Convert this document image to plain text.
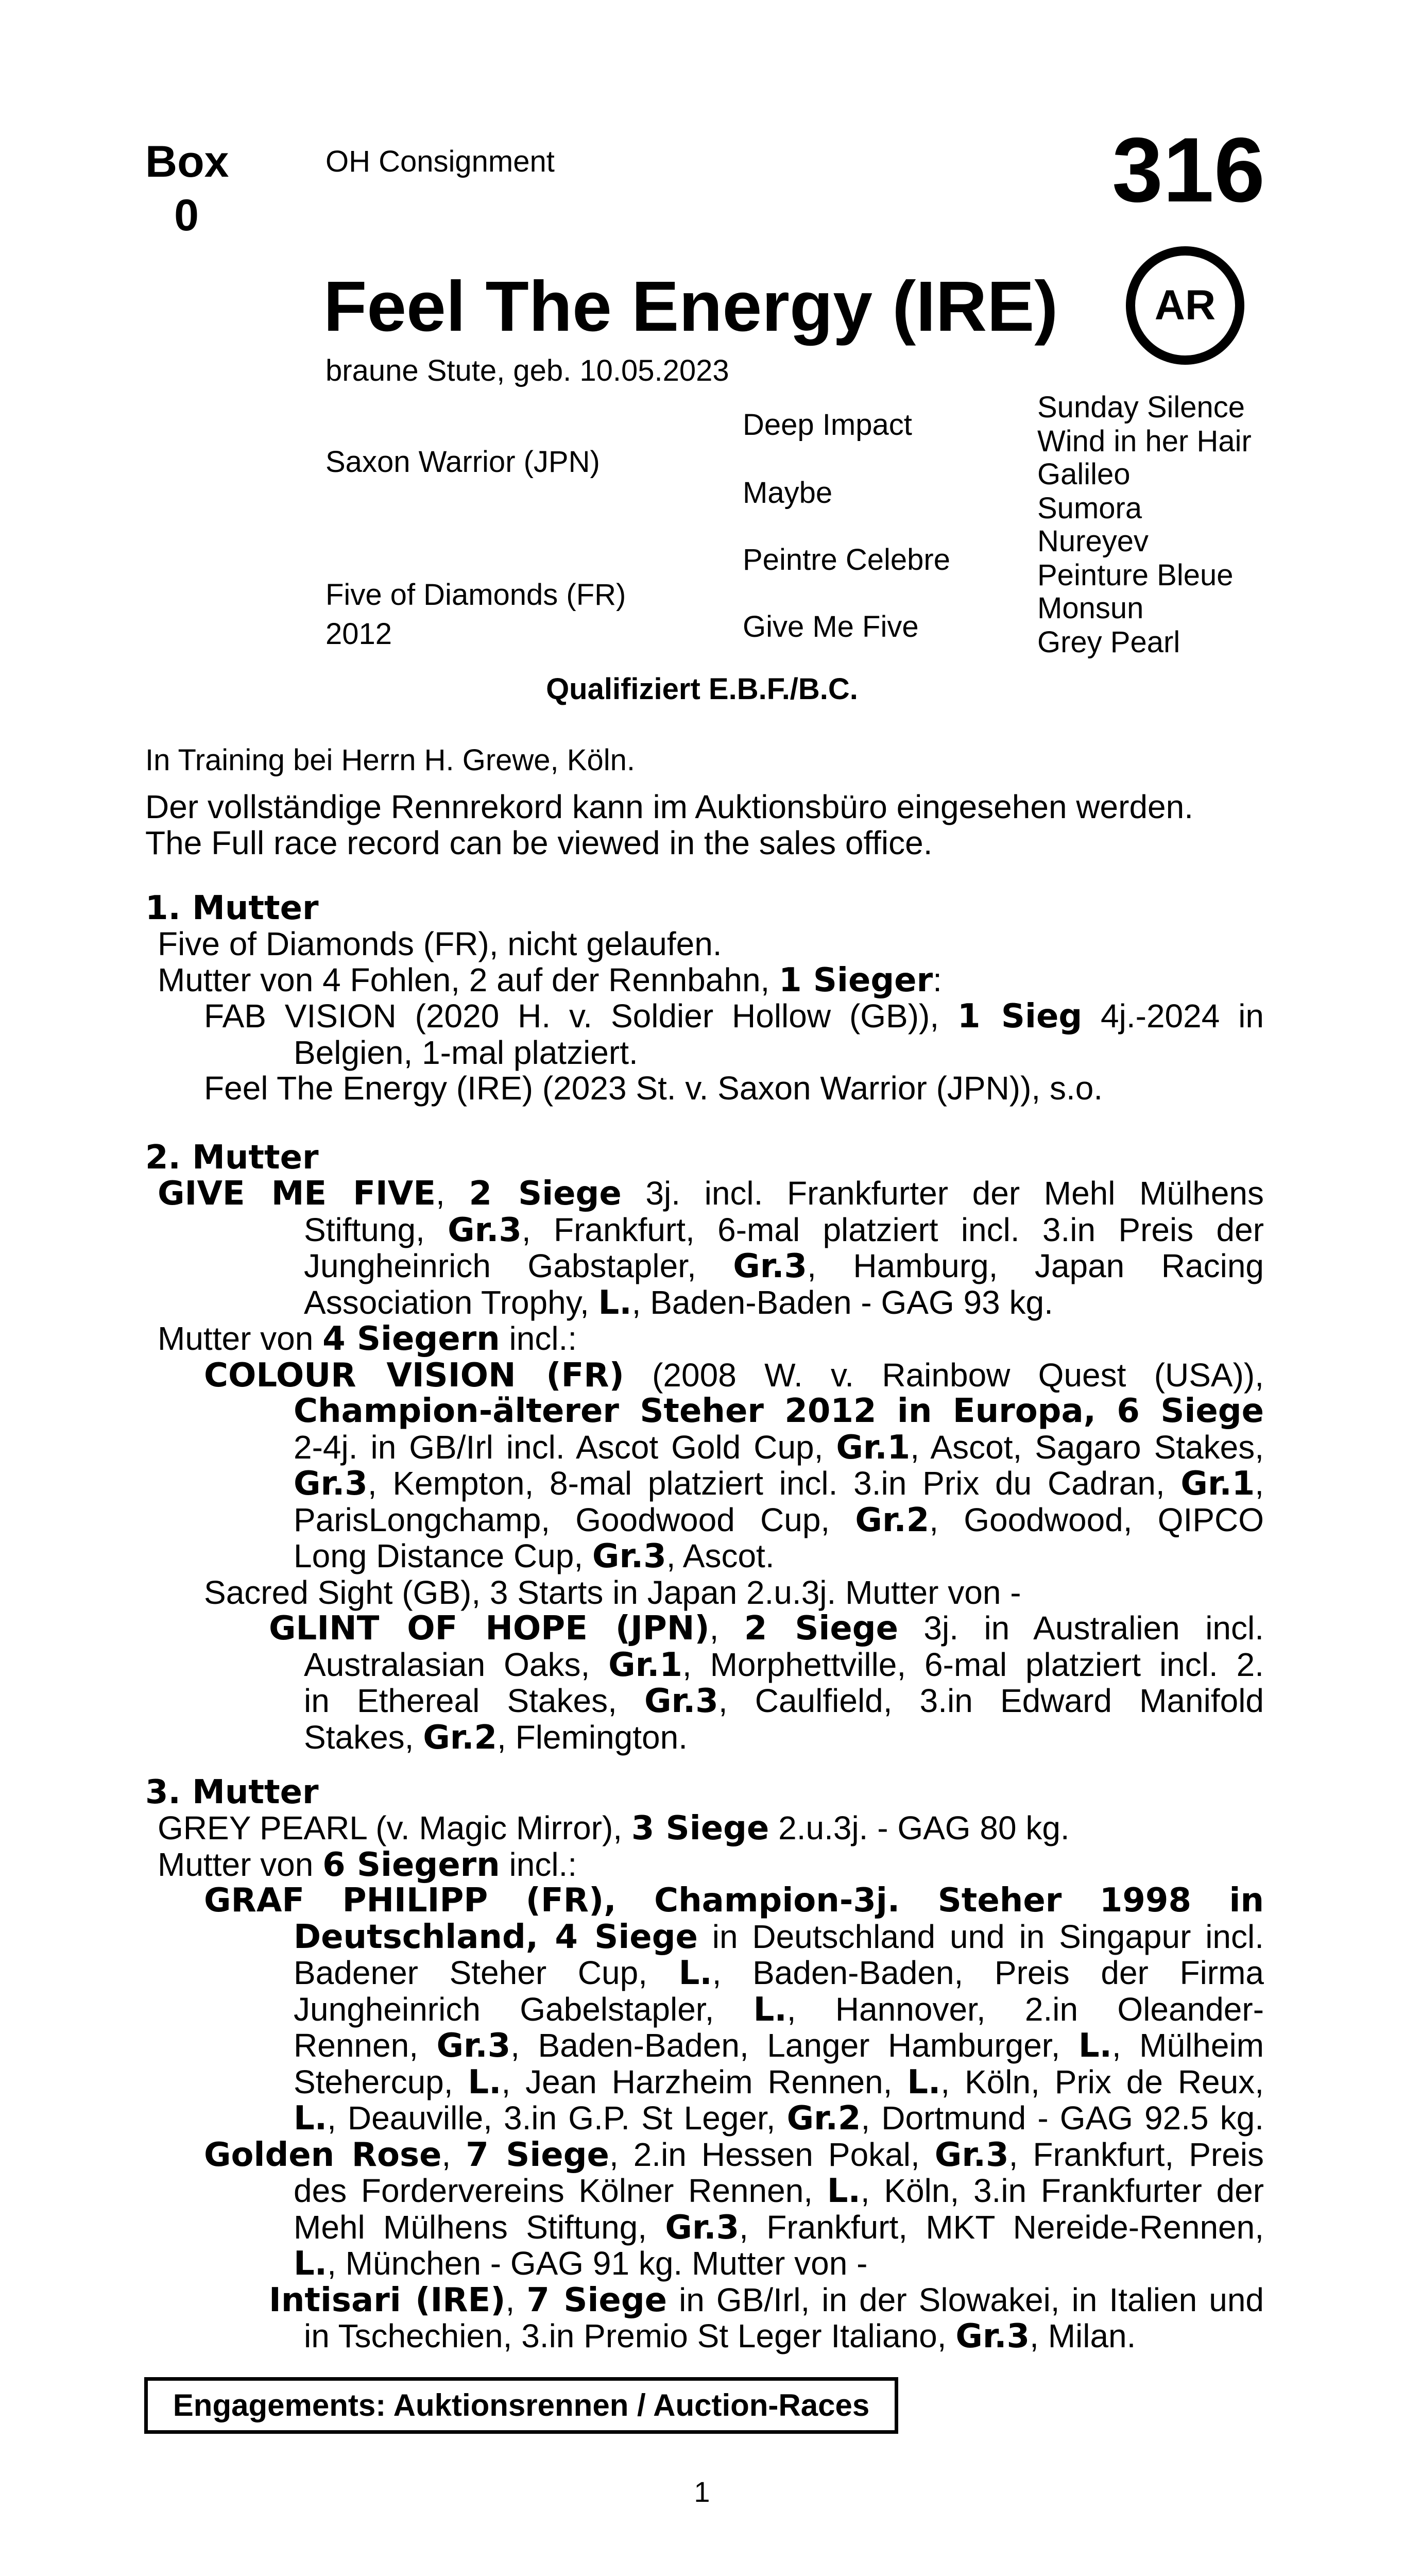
Box
0
OH Consignment	316
Feel The Energy (IRE)	AR
braune Stute, geb. 10.05.2023
Saxon Warrior (JPN)
Five of Diamonds (FR)
2012
Deep Impact
Maybe
Peintre Celebre
Give Me Five
Sunday Silence
Wind in her Hair
Galileo
Sumora
Nureyev
Peinture Bleue
Monsun
Grey Pearl
Qualifiziert E.B.F./B.C.
In Training bei Herrn H. Grewe, Köln.
Der vollständige Rennrekord kann im Auktionsbüro eingesehen werden.
The Full race record can be viewed in the sales office.
1. Mutter
Five of Diamonds (FR), nicht gelaufen.
Mutter von 4 Fohlen, 2 auf der Rennbahn, 1 Sieger:
FAB VISION (2020 H. v. Soldier Hollow (GB)), 1 Sieg 4j.-2024 in
Belgien, 1-mal platziert.
Feel The Energy (IRE) (2023 St. v. Saxon Warrior (JPN)), s.o.
2. Mutter
GIVE ME FIVE, 2 Siege 3j. incl. Frankfurter der Mehl Mülhens
Stiftung, Gr.3, Frankfurt, 6-mal platziert incl. 3.in Preis der
Jungheinrich Gabstapler, Gr.3, Hamburg, Japan Racing
Association Trophy, L., Baden-Baden - GAG 93 kg.
Mutter von 4 Siegern incl.:
COLOUR VISION (FR) (2008 W. v. Rainbow Quest (USA)),
Champion-älterer Steher 2012 in Europa, 6 Siege
2-4j. in GB/Irl incl. Ascot Gold Cup, Gr.1, Ascot, Sagaro Stakes,
Gr.3, Kempton, 8-mal platziert incl. 3.in Prix du Cadran, Gr.1,
ParisLongchamp, Goodwood Cup, Gr.2, Goodwood, QIPCO
Long Distance Cup, Gr.3, Ascot.
Sacred Sight (GB), 3 Starts in Japan 2.u.3j. Mutter von -
GLINT OF HOPE (JPN), 2 Siege 3j. in Australien incl.
Australasian Oaks, Gr.1, Morphettville, 6-mal platziert incl. 2.
in Ethereal Stakes, Gr.3, Caulfield, 3.in Edward Manifold
Stakes, Gr.2, Flemington.
3. Mutter
GREY PEARL (v. Magic Mirror), 3 Siege 2.u.3j. - GAG 80 kg.
Mutter von 6 Siegern incl.:
GRAF PHILIPP (FR), Champion-3j. Steher 1998 in
Deutschland, 4 Siege in Deutschland und in Singapur incl.
Badener Steher Cup, L., Baden-Baden, Preis der Firma
Jungheinrich Gabelstapler, L., Hannover, 2.in Oleander-
Rennen, Gr.3, Baden-Baden, Langer Hamburger, L., Mülheim
Stehercup, L., Jean Harzheim Rennen, L., Köln, Prix de Reux,
L., Deauville, 3.in G.P. St Leger, Gr.2, Dortmund - GAG 92.5 kg.
Golden Rose, 7 Siege, 2.in Hessen Pokal, Gr.3, Frankfurt, Preis
des Fordervereins Kölner Rennen, L., Köln, 3.in Frankfurter der
Mehl Mülhens Stiftung, Gr.3, Frankfurt, MKT Nereide-Rennen,
L., München - GAG 91 kg. Mutter von -
Intisari (IRE), 7 Siege in GB/Irl, in der Slowakei, in Italien und
in Tschechien, 3.in Premio St Leger Italiano, Gr.3, Milan.
Engagements: Auktionsrennen / Auction-Races
1
